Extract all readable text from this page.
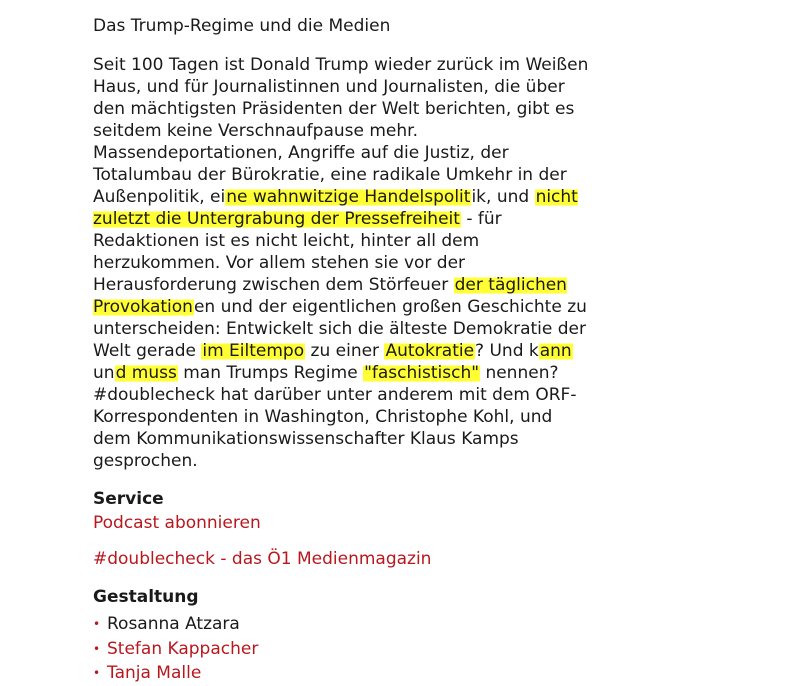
Das Trump-Regime und die Medien

Seit 100 Tagen ist Donald Trump wieder zurück im Weißen Haus, und für Journalistinnen und Journalisten, die über den mächtigsten Präsidenten der Welt berichten, gibt es seitdem keine Verschnaufpause mehr. Massendeportationen, Angriffe auf die Justiz, der Totalumbau der Bürokratie, eine radikale Umkehr in der Außenpolitik, eine wahnwitzige Handelspolitik, und nicht zuletzt die Untergrabung der Pressefreiheit - für Redaktionen ist es nicht leicht, hinter all dem herzukommen. Vor allem stehen sie vor der Herausforderung zwischen dem Störfeuer der täglichen Provokationen und der eigentlichen großen Geschichte zu unterscheiden: Entwickelt sich die älteste Demokratie der Welt gerade im Eiltempo zu einer Autokratie? Und kann und muss man Trumps Regime "faschistisch" nennen? #doublecheck hat darüber unter anderem mit dem ORF-Korrespondenten in Washington, Christophe Kohl, und dem Kommunikationswissenschafter Klaus Kamps gesprochen.

Service
Podcast abonnieren
#doublecheck - das Ö1 Medienmagazin
Gestaltung
• Rosanna Atzara
• Stefan Kappacher
• Tanja Malle
